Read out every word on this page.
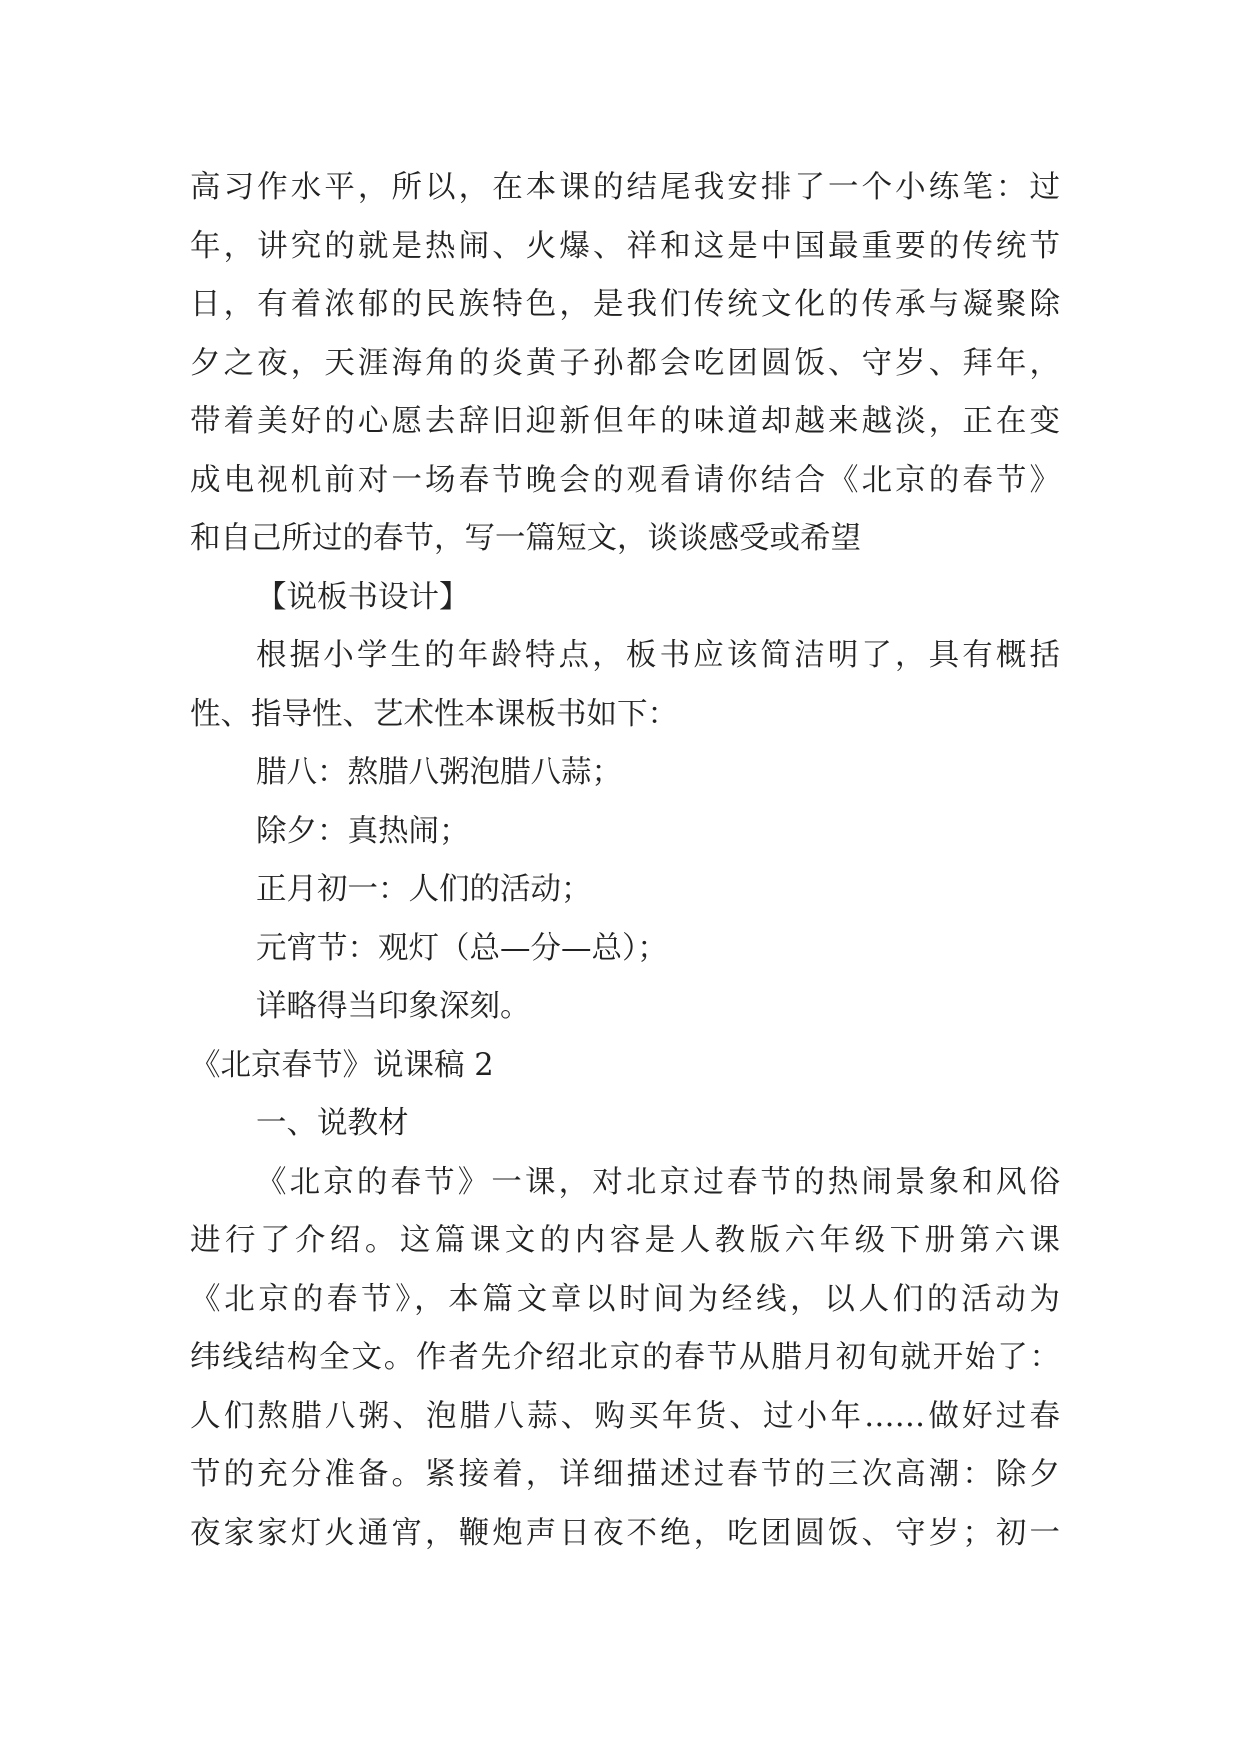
高习作水平，所以，在本课的结尾我安排了一个小练笔：过
年，讲究的就是热闹、火爆、祥和这是中国最重要的传统节
日，有着浓郁的民族特色，是我们传统文化的传承与凝聚除
夕之夜，天涯海角的炎黄子孙都会吃团圆饭、守岁、拜年，
带着美好的心愿去辞旧迎新但年的味道却越来越淡，正在变
成电视机前对一场春节晚会的观看请你结合《北京的春节》
和自己所过的春节，写一篇短文，谈谈感受或希望
【说板书设计】
根据小学生的年龄特点，板书应该简洁明了，具有概括
性、指导性、艺术性本课板书如下：
腊八：熬腊八粥泡腊八蒜；
除夕：真热闹；
正月初一：人们的活动；
元宵节：观灯（总—分—总）；
详略得当印象深刻。
《北京春节》说课稿 2
一、说教材
《北京的春节》一课，对北京过春节的热闹景象和风俗
进行了介绍。这篇课文的内容是人教版六年级下册第六课
《北京的春节》，本篇文章以时间为经线，以人们的活动为
纬线结构全文。作者先介绍北京的春节从腊月初旬就开始了：
人们熬腊八粥、泡腊八蒜、购买年货、过小年……做好过春
节的充分准备。紧接着，详细描述过春节的三次高潮：除夕
夜家家灯火通宵，鞭炮声日夜不绝，吃团圆饭、守岁；初一
